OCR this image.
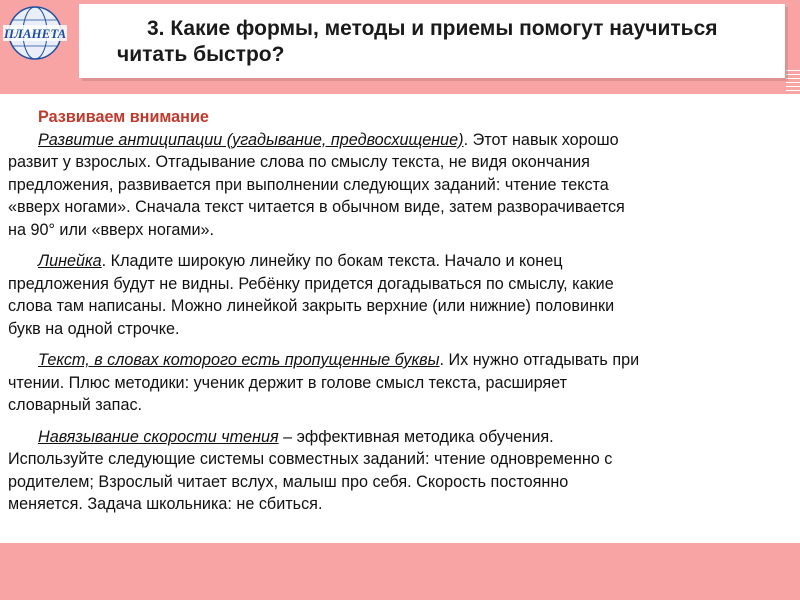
ПЛАНЕТА	3. Какие формы, методы и приемы помогут научиться
читать быстро?

Развиваем внимание

Развитие антиципации (угадывание, предвосхищение). Этот навык хорошо
развит у взрослых. Отгадывание слова по смыслу текста, не видя окончания
предложения, развивается при выполнении следующих заданий: чтение текста
«вверх ногами». Сначала текст читается в обычном виде, затем разворачивается
на 90° или «вверх ногами».

Линейка. Кладите широкую линейку по бокам текста. Начало и конец
предложения будут не видны. Ребёнку придется догадываться по смыслу, какие
слова там написаны. Можно линейкой закрыть верхние (или нижние) половинки
букв на одной строчке.

Текст, в словах которого есть пропущенные буквы. Их нужно отгадывать при
чтении. Плюс методики: ученик держит в голове смысл текста, расширяет
словарный запас.

Навязывание скорости чтения – эффективная методика обучения.
Используйте следующие системы совместных заданий: чтение одновременно с
родителем; Взрослый читает вслух, малыш про себя. Скорость постоянно
меняется. Задача школьника: не сбиться.
